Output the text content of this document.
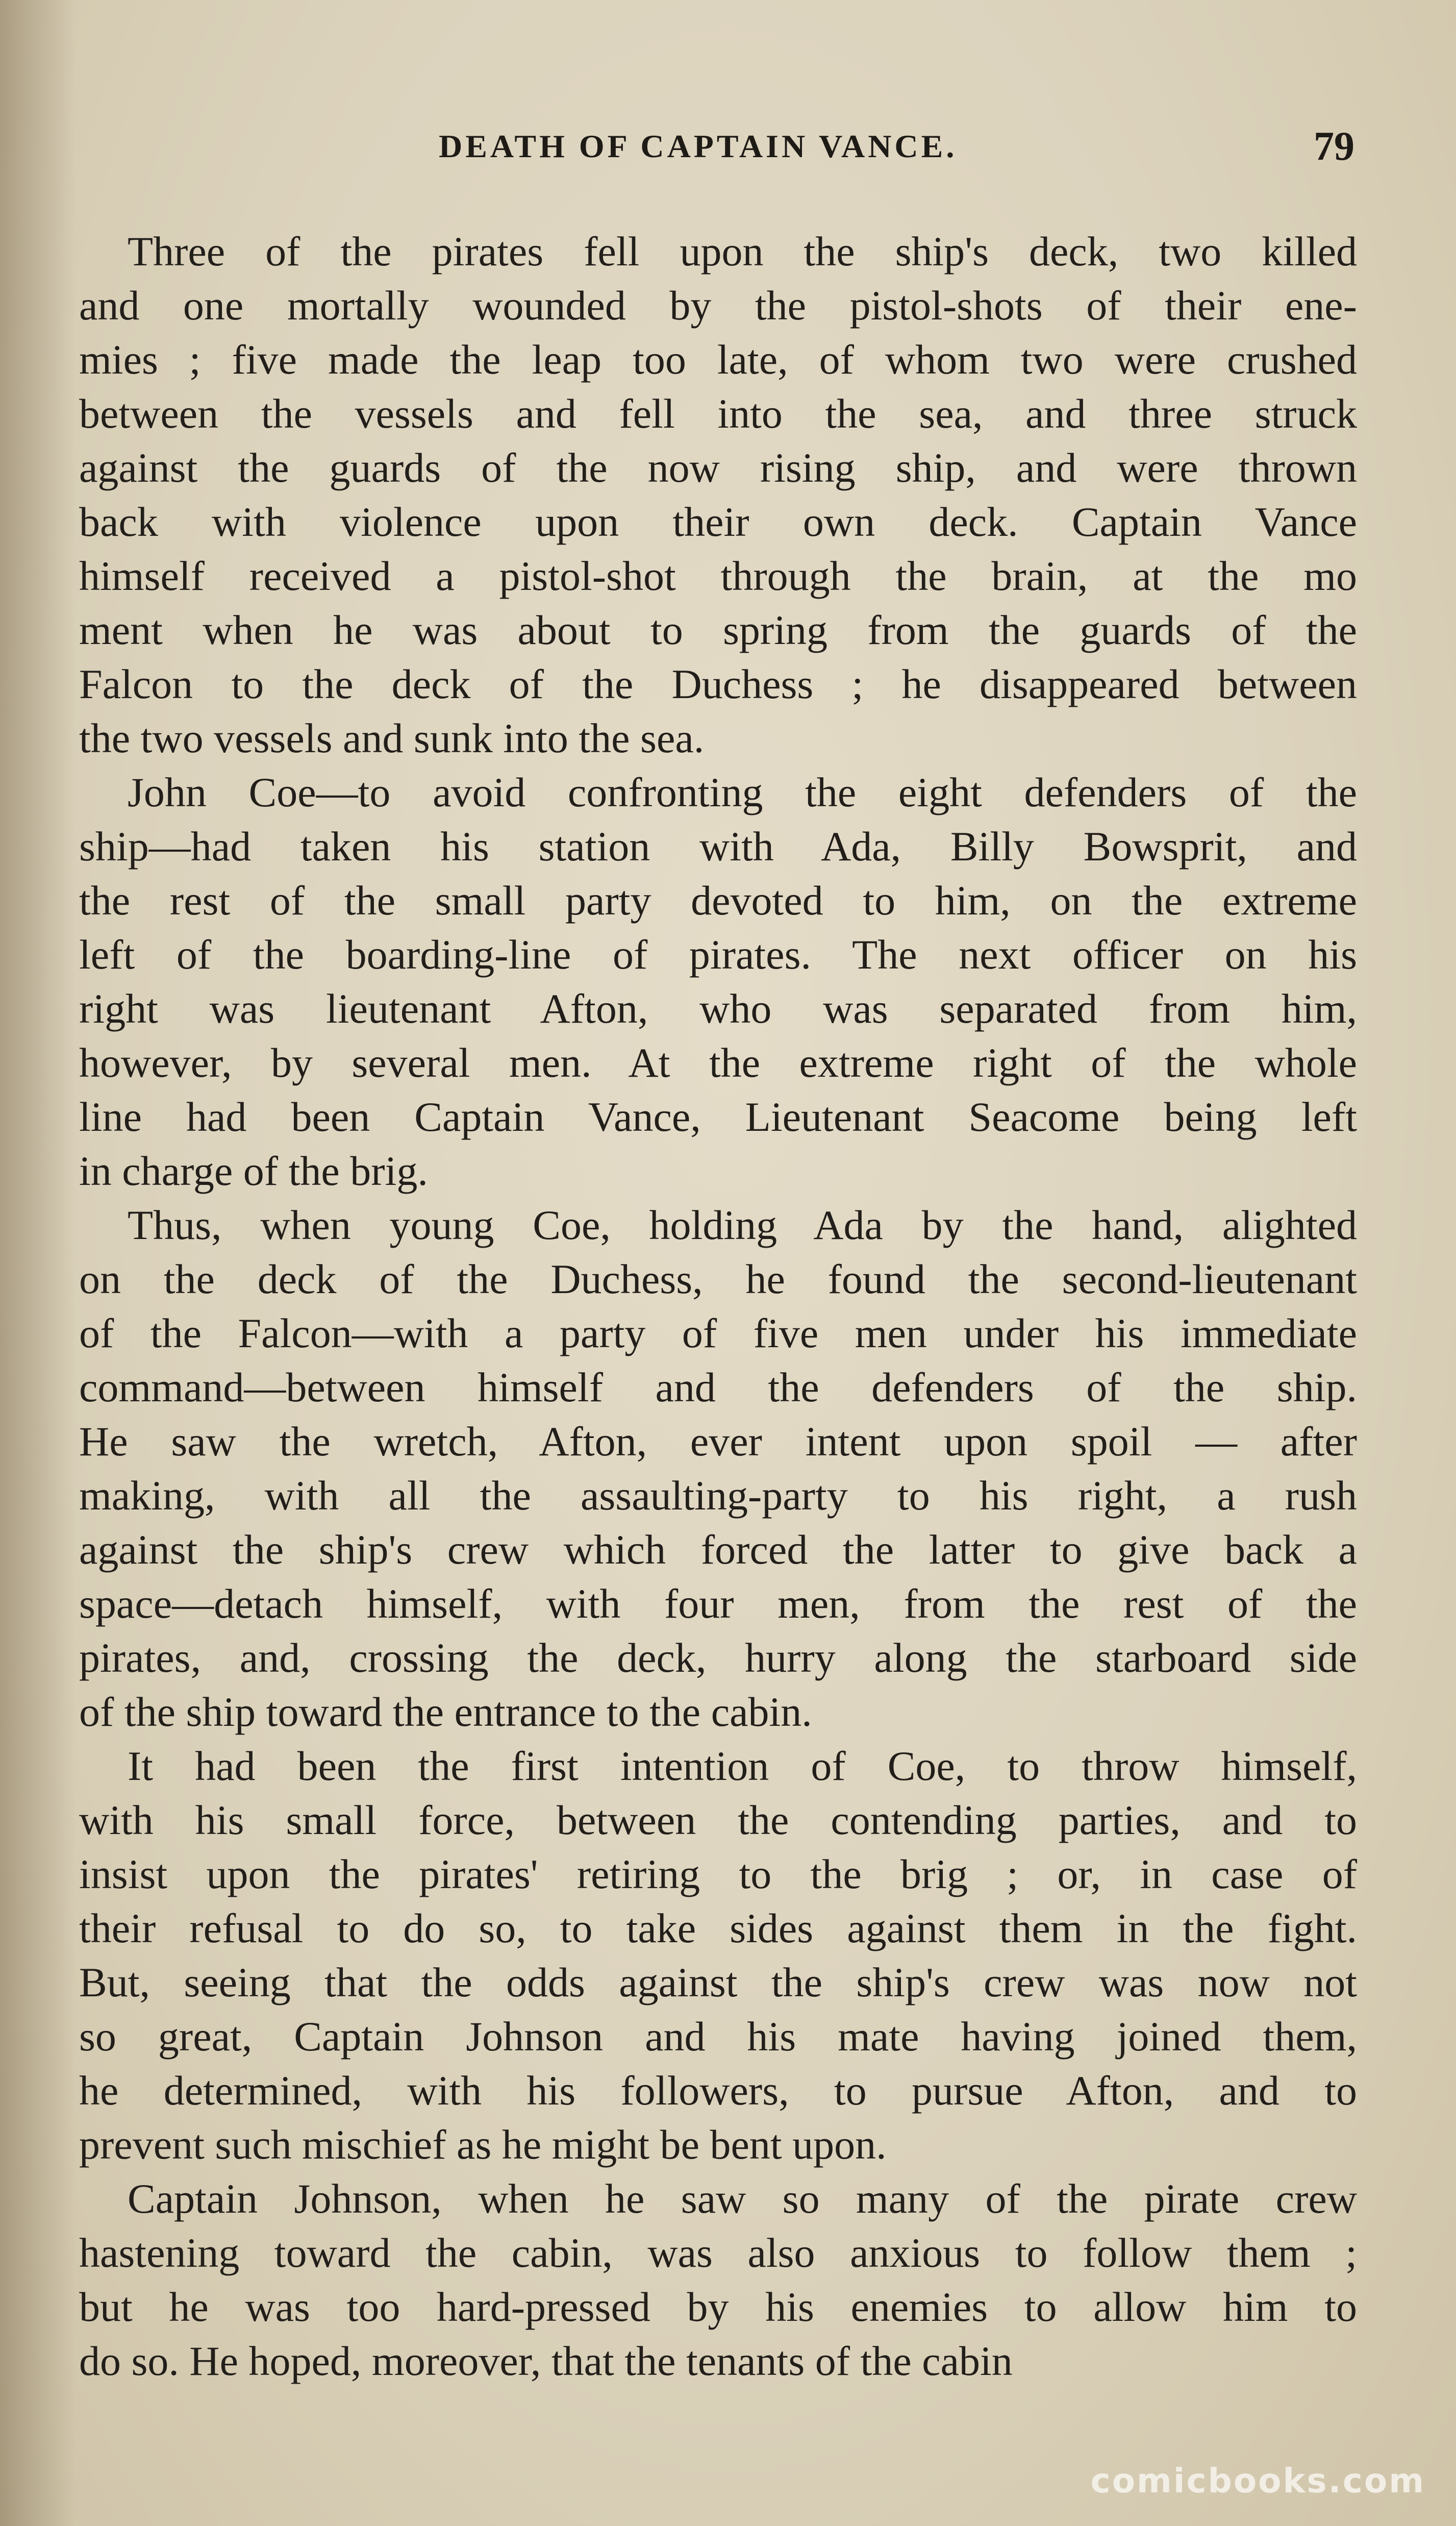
DEATH OF CAPTAIN VANCE.	79
Three of the pirates fell upon the ship's deck, two killed
and one mortally wounded by the pistol-shots of their ene-
mies ; five made the leap too late, of whom two were crushed
between the vessels and fell into the sea, and three struck
against the guards of the now rising ship, and were thrown
back with violence upon their own deck. Captain Vance
himself received a pistol-shot through the brain, at the mo
ment when he was about to spring from the guards of the
Falcon to the deck of the Duchess ; he disappeared between
the two vessels and sunk into the sea.
John Coe—to avoid confronting the eight defenders of the
ship—had taken his station with Ada, Billy Bowsprit, and
the rest of the small party devoted to him, on the extreme
left of the boarding-line of pirates. The next officer on his
right was lieutenant Afton, who was separated from him,
however, by several men. At the extreme right of the whole
line had been Captain Vance, Lieutenant Seacome being left
in charge of the brig.
Thus, when young Coe, holding Ada by the hand, alighted
on the deck of the Duchess, he found the second-lieutenant
of the Falcon—with a party of five men under his immediate
command—between himself and the defenders of the ship.
He saw the wretch, Afton, ever intent upon spoil — after
making, with all the assaulting-party to his right, a rush
against the ship's crew which forced the latter to give back a
space—detach himself, with four men, from the rest of the
pirates, and, crossing the deck, hurry along the starboard side
of the ship toward the entrance to the cabin.
It had been the first intention of Coe, to throw himself,
with his small force, between the contending parties, and to
insist upon the pirates' retiring to the brig ; or, in case of
their refusal to do so, to take sides against them in the fight.
But, seeing that the odds against the ship's crew was now not
so great, Captain Johnson and his mate having joined them,
he determined, with his followers, to pursue Afton, and to
prevent such mischief as he might be bent upon.
Captain Johnson, when he saw so many of the pirate crew
hastening toward the cabin, was also anxious to follow them ;
but he was too hard-pressed by his enemies to allow him to
do so. He hoped, moreover, that the tenants of the cabin
comicbooks.com
